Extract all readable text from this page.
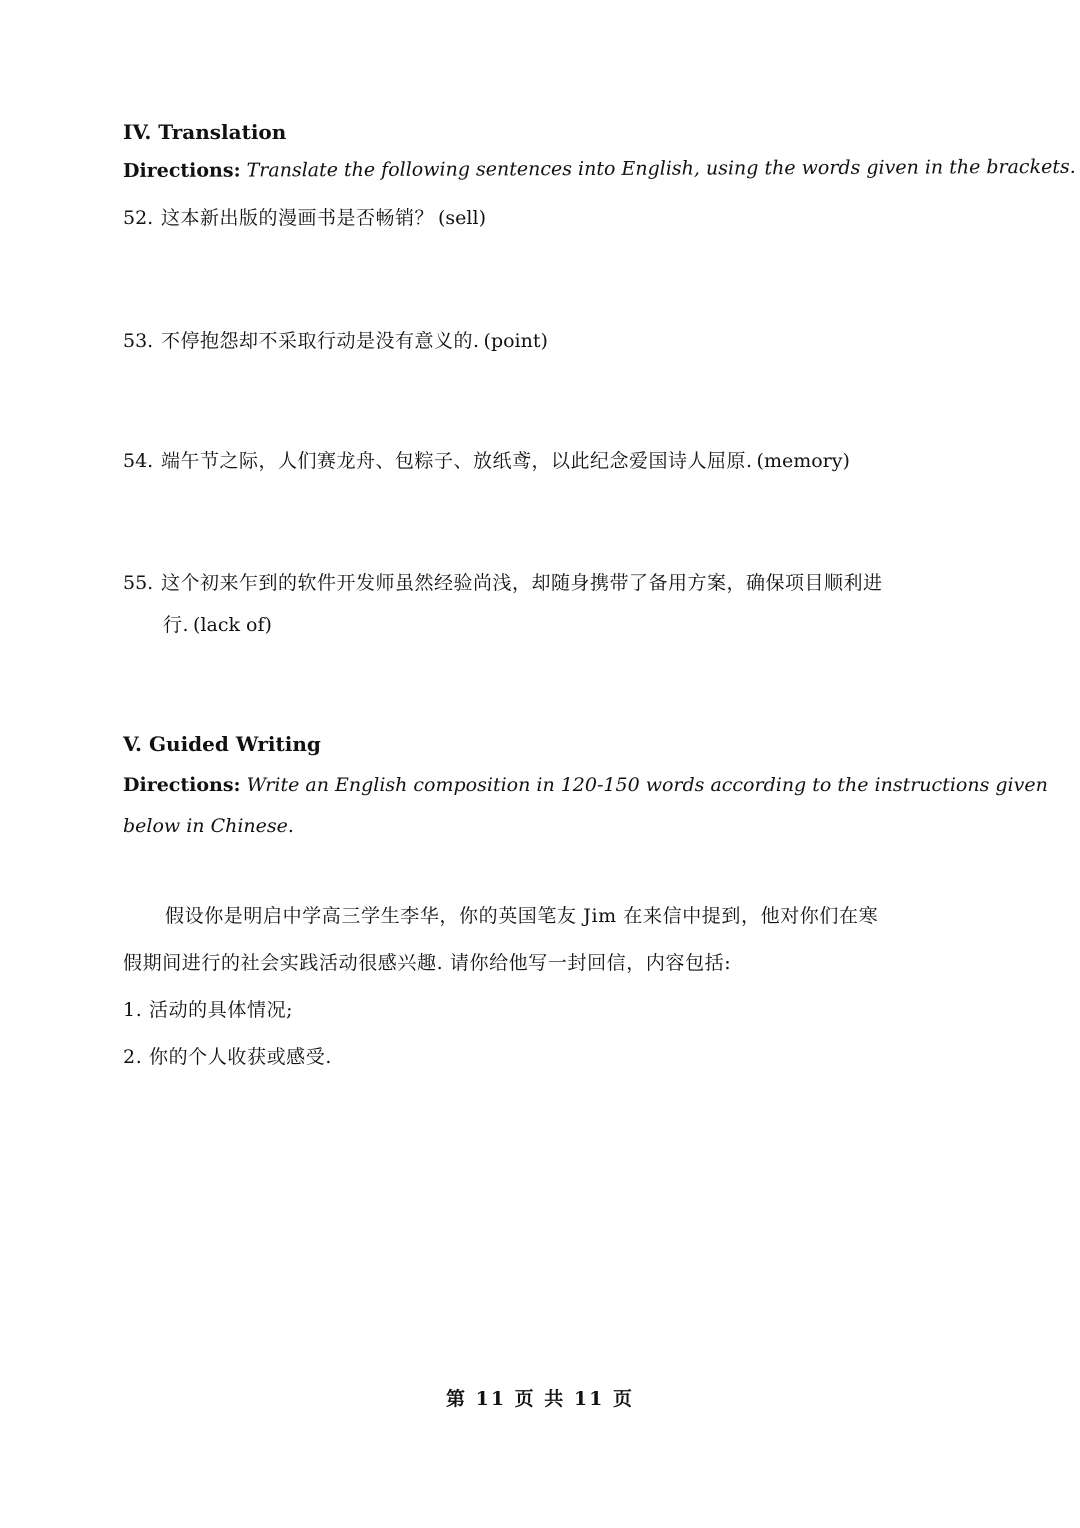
IV. Translation
Directions: Translate the following sentences into English, using the words given in the brackets.
52. 这本新出版的漫画书是否畅销？ (sell)
53. 不停抱怨却不采取行动是没有意义的. (point)
54. 端午节之际，人们赛龙舟、包粽子、放纸鸢，以此纪念爱国诗人屈原. (memory)
55. 这个初来乍到的软件开发师虽然经验尚浅，却随身携带了备用方案，确保项目顺利进
行. (lack of)
V. Guided Writing
Directions: Write an English composition in 120-150 words according to the instructions given
below in Chinese.
假设你是明启中学高三学生李华，你的英国笔友 Jim 在来信中提到，他对你们在寒
假期间进行的社会实践活动很感兴趣. 请你给他写一封回信，内容包括:
1. 活动的具体情况;
2. 你的个人收获或感受.
第 11 页 共 11 页
